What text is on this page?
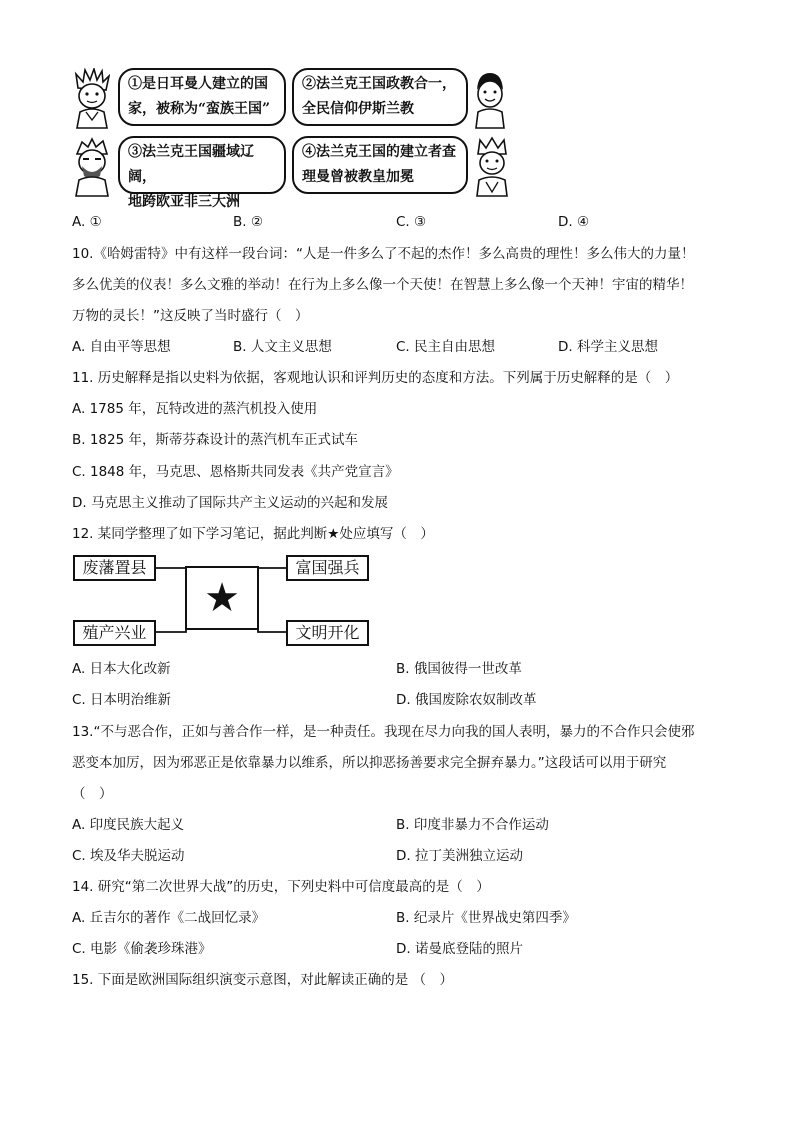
①是日耳曼人建立的国
家，被称为“蛮族王国”
②法兰克王国政教合一，
全民信仰伊斯兰教
③法兰克王国疆域辽阔，
地跨欧亚非三大洲
④法兰克王国的建立者查
理曼曾被教皇加冕
A. ①	B. ②	C. ③	D. ④
10.《哈姆雷特》中有这样一段台词：“人是一件多么了不起的杰作！多么高贵的理性！多么伟大的力量！
多么优美的仪表！多么文雅的举动！在行为上多么像一个天使！在智慧上多么像一个天神！宇宙的精华！
万物的灵长！”这反映了当时盛行（　）
A. 自由平等思想	B. 人文主义思想	C. 民主自由思想	D. 科学主义思想
11. 历史解释是指以史料为依据，客观地认识和评判历史的态度和方法。下列属于历史解释的是（　）
A. 1785 年，瓦特改进的蒸汽机投入使用
B. 1825 年，斯蒂芬森设计的蒸汽机车正式试车
C. 1848 年，马克思、恩格斯共同发表《共产党宣言》
D. 马克思主义推动了国际共产主义运动的兴起和发展
12. 某同学整理了如下学习笔记，据此判断★处应填写（　）
废藩置县	富国强兵
★
殖产兴业	文明开化
A. 日本大化改新	B. 俄国彼得一世改革
C. 日本明治维新	D. 俄国废除农奴制改革
13.“不与恶合作，正如与善合作一样，是一种责任。我现在尽力向我的国人表明，暴力的不合作只会使邪
恶变本加厉，因为邪恶正是依靠暴力以维系，所以抑恶扬善要求完全摒弃暴力。”这段话可以用于研究
（　）
A. 印度民族大起义	B. 印度非暴力不合作运动
C. 埃及华夫脱运动	D. 拉丁美洲独立运动
14. 研究“第二次世界大战”的历史，下列史料中可信度最高的是（　）
A. 丘吉尔的著作《二战回忆录》	B. 纪录片《世界战史第四季》
C. 电影《偷袭珍珠港》	D. 诺曼底登陆的照片
15. 下面是欧洲国际组织演变示意图，对此解读正确的是 （　）
